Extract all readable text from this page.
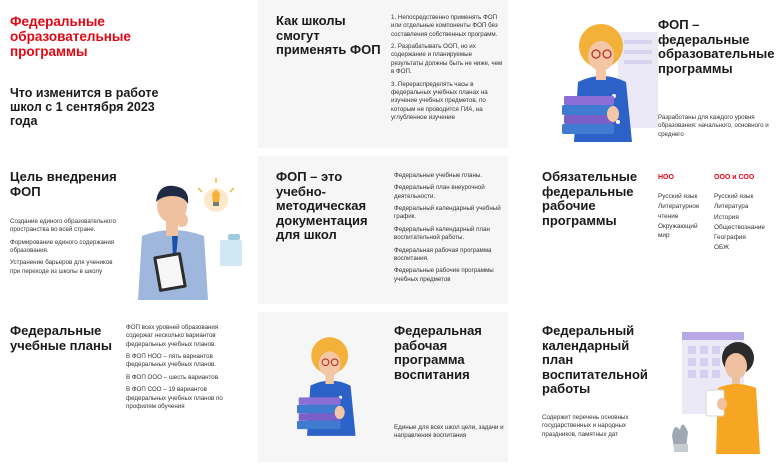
Федеральные
образовательные
программы
Что изменится в работе
школ с 1 сентября 2023
года
Как школы
смогут
применять ФОП

1. Непосредственно применять ФОП или отдельные компоненты ФОП без составления собственных программ.

2. Разрабатывать ООП, но их содержание и планируемые результаты должны быть не ниже, чем в ФОП.

3. Перераспределять часы в федеральных учебных планах на изучение учебных предметов, по которым не проводится ГИА, на углубленное изучение

ФОП –
федеральные
образовательные
программы
Разработаны для каждого уровня образования: начального, основного и среднего
Цель внедрения
ФОП

Создание единого образовательного пространства во всей стране.

Формирование единого содержания образования.

Устранение барьеров для учеников при переходе из школы в школу

ФОП – это
учебно-
методическая
документация
для школ

Федеральные учебные планы.

Федеральный план внеурочной деятельности.

Федеральный календарный учебный график.

Федеральный календарный план воспитательной работы.

Федеральная рабочая программа воспитания.

Федеральные рабочие программы учебных предметов

Обязательные
федеральные
рабочие
программы
НОО
Русский язык
Литературное чтение
Окружающий мир
ООО и СОО
Русский язык
Литература
История
Обществознание
География
ОБЖ
Федеральные
учебные планы

ФОП всех уровней образования содержат несколько вариантов федеральных учебных планов.

В ФОП НОО – пять вариантов федеральных учебных планов.

В ФОП ООО – шесть вариантов.

В ФОП СОО – 19 вариантов федеральных учебных планов по профилям обучения

Федеральная
рабочая
программа
воспитания
Единые для всех школ цели, задачи и направления воспитания
Федеральный
календарный
план
воспитательной
работы
Содержит перечень основных государственных и народных праздников, памятных дат
